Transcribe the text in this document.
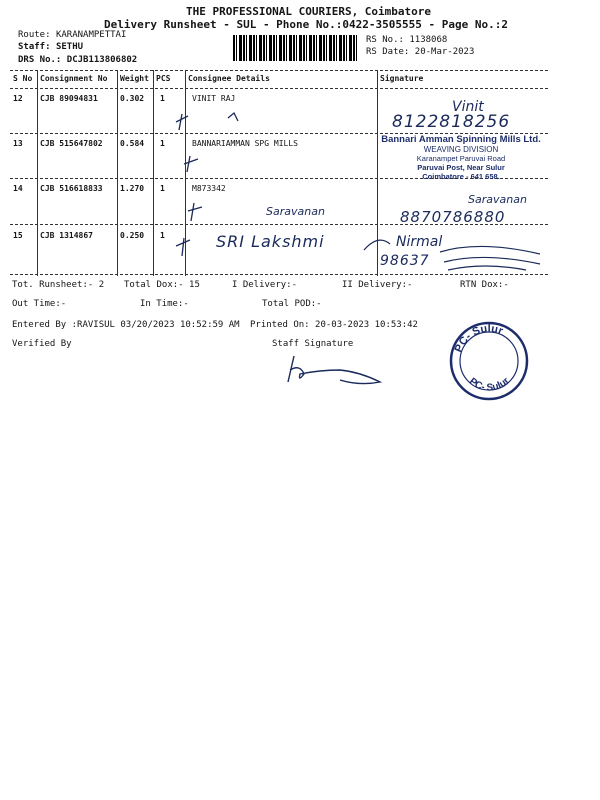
THE PROFESSIONAL COURIERS, Coimbatore
Delivery Runsheet - SUL - Phone No.:0422-3505555 - Page No.:2
Route: KARANAMPETTAI
Staff: SETHU
DRS No.: DCJB113806802
RS No.: 1138068
RS Date: 20-Mar-2023
S No Consignment No Weight PCS Consignee Details	Signature
12 CJB 89094831	0.302 1	VINIT RAJ
13 CJB 515647802 0.584 1	BANNARIAMMAN SPG MILLS
14 CJB 516618833 1.270 1	M873342
15 CJB 1314867	0.250 1
Vinit
8122818256
Bannari Amman Spinning Mills Ltd.
WEAVING DIVISION
Karanampet Paruvai Road
Paruvai Post, Near Sulur
Coimbatore - 641 658.
Saravanan
Saravanan
8870786880
SRI Lakshmi	Nirmal
98637
Tot. Runsheet:- 2 Total Dox:- 15	I Delivery:-	II Delivery:-	RTN Dox:-
Out Time:-	In Time:-	Total POD:-
Entered By :RAVISUL 03/20/2023 10:52:59 AM Printed On: 20-03-2023 10:53:42
Verified By	Staff Signature	PC- Sulur
PC- Sulur
